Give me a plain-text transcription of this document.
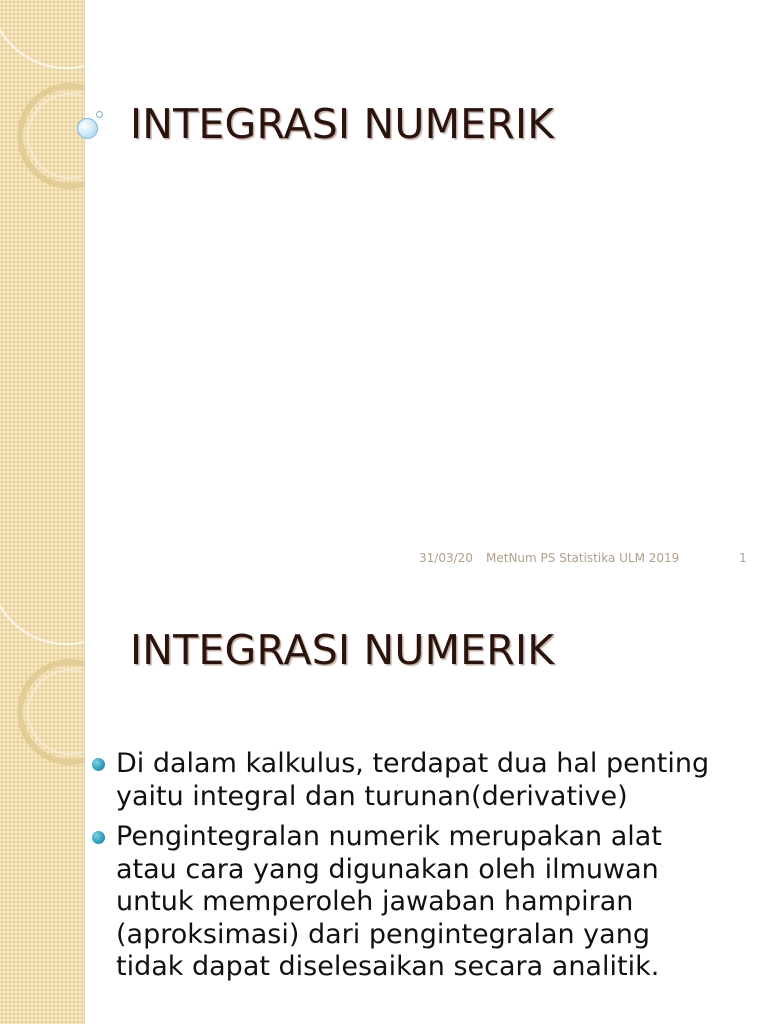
INTEGRASI NUMERIK
31/03/20 MetNum PS Statistika ULM 2019	1
INTEGRASI NUMERIK
Di dalam kalkulus, terdapat dua hal penting yaitu integral dan turunan(derivative)
Pengintegralan numerik merupakan alat atau cara yang digunakan oleh ilmuwan untuk memperoleh jawaban hampiran (aproksimasi) dari pengintegralan yang tidak dapat diselesaikan secara analitik.
